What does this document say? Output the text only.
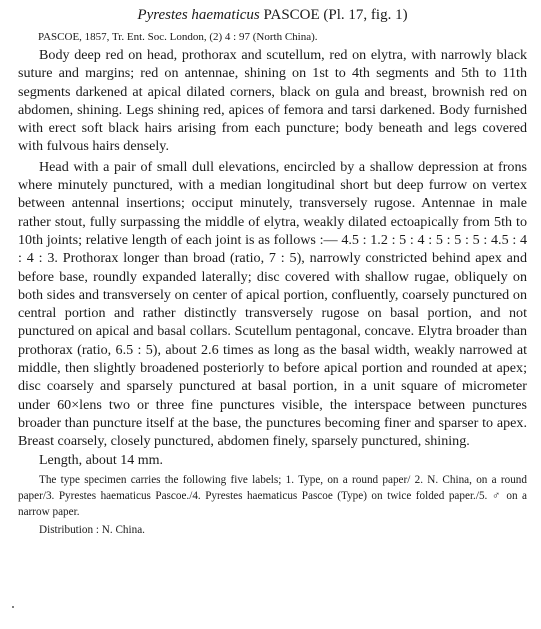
Pyrestes haematicus PASCOE (Pl. 17, fig. 1)

PASCOE, 1857, Tr. Ent. Soc. London, (2) 4 : 97 (North China).

Body deep red on head, prothorax and scutellum, red on elytra, with narrowly black suture and margins; red on antennae, shining on 1st to 4th segments and 5th to 11th segments darkened at apical dilated corners, black on gula and breast, brownish red on abdomen, shining. Legs shining red, apices of femora and tarsi darkened. Body furnished with erect soft black hairs arising from each puncture; body beneath and legs covered with fulvous hairs densely.

Head with a pair of small dull elevations, encircled by a shallow depression at frons where minutely punctured, with a median longitudinal short but deep furrow on vertex between antennal insertions; occiput minutely, transversely rugose. Antennae in male rather stout, fully surpassing the middle of elytra, weakly dilated ectoapically from 5th to 10th joints; relative length of each joint is as follows :— 4.5 : 1.2 : 5 : 4 : 5 : 5 : 5 : 4.5 : 4 : 4 : 3. Prothorax longer than broad (ratio, 7 : 5), narrowly constricted behind apex and before base, roundly expanded laterally; disc covered with shallow rugae, obliquely on both sides and transversely on center of apical portion, confluently, coarsely punctured on central portion and rather distinctly transversely rugose on basal portion, and not punctured on apical and basal collars. Scutellum pentagonal, concave. Elytra broader than prothorax (ratio, 6.5 : 5), about 2.6 times as long as the basal width, weakly narrowed at middle, then slightly broadened posteriorly to before apical portion and rounded at apex; disc coarsely and sparsely punctured at basal portion, in a unit square of micrometer under 60×lens two or three fine punctures visible, the interspace between punctures broader than puncture itself at the base, the punctures becoming finer and sparser to apex. Breast coarsely, closely punctured, abdomen finely, sparsely punctured, shining.

Length, about 14 mm.

The type specimen carries the following five labels; 1. Type, on a round paper/ 2. N. China, on a round paper/3. Pyrestes haematicus Pascoe./4. Pyrestes haematicus Pascoe (Type) on twice folded paper./5. ♂ on a narrow paper.

Distribution : N. China.
